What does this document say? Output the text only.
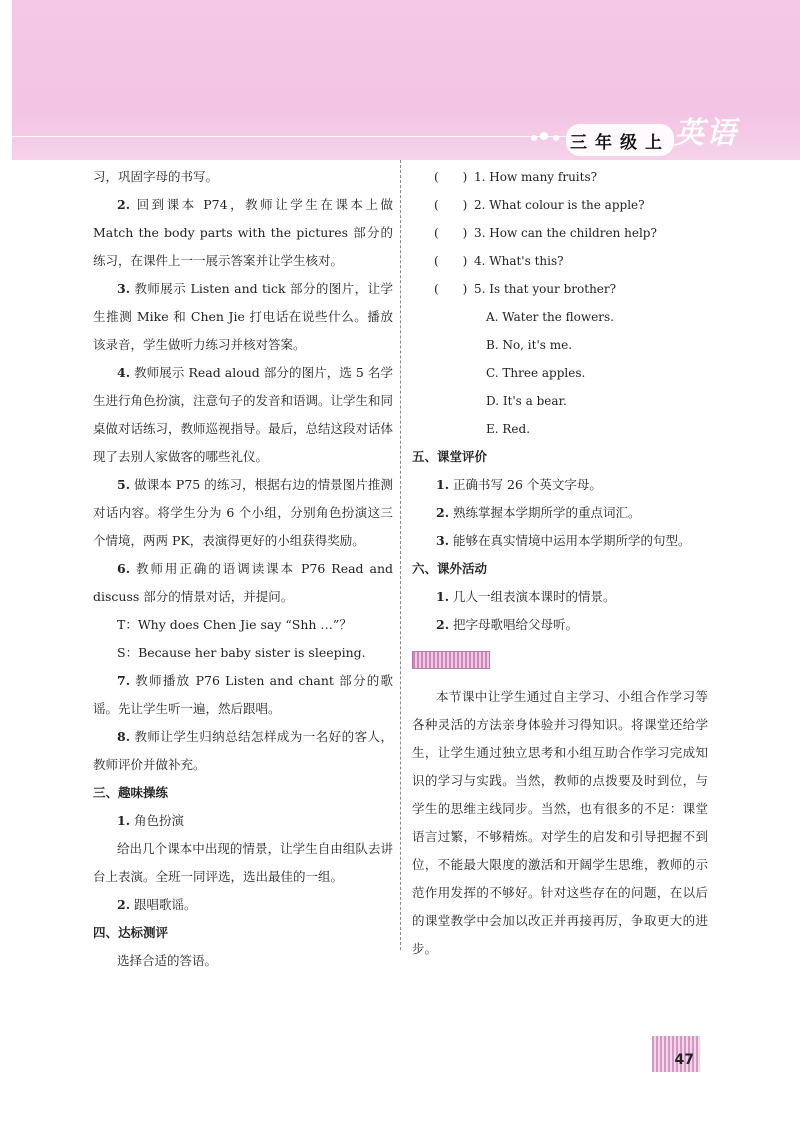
三年级上 英语

习，巩固字母的书写。

2. 回到课本 P74，教师让学生在课本上做 Match the body parts with the pictures 部分的练习，在课件上一一展示答案并让学生核对。

3. 教师展示 Listen and tick 部分的图片，让学生推测 Mike 和 Chen Jie 打电话在说些什么。播放该录音，学生做听力练习并核对答案。

4. 教师展示 Read aloud 部分的图片，选 5 名学生进行角色扮演，注意句子的发音和语调。让学生和同桌做对话练习，教师巡视指导。最后，总结这段对话体现了去别人家做客的哪些礼仪。

5. 做课本 P75 的练习，根据右边的情景图片推测对话内容。将学生分为 6 个小组，分别角色扮演这三个情境，两两 PK，表演得更好的小组获得奖励。

6. 教师用正确的语调读课本 P76 Read and discuss 部分的情景对话，并提问。

T：Why does Chen Jie say “Shh …”？

S：Because her baby sister is sleeping.

7. 教师播放 P76 Listen and chant 部分的歌谣。先让学生听一遍，然后跟唱。

8. 教师让学生归纳总结怎样成为一名好的客人，教师评价并做补充。

三、趣味操练

1. 角色扮演

给出几个课本中出现的情景，让学生自由组队去讲台上表演。全班一同评选，选出最佳的一组。

2. 跟唱歌谣。

四、达标测评

选择合适的答语。

(　　) 1. How many fruits?
(　　) 2. What colour is the apple?
(　　) 3. How can the children help?
(　　) 4. What's this?
(　　) 5. Is that your brother?

A. Water the flowers.

B. No, it's me.

C. Three apples.

D. It's a bear.

E. Red.

五、课堂评价

1. 正确书写 26 个英文字母。

2. 熟练掌握本学期所学的重点词汇。

3. 能够在真实情境中运用本学期所学的句型。

六、课外活动

1. 几人一组表演本课时的情景。

2. 把字母歌唱给父母听。

本节课中让学生通过自主学习、小组合作学习等各种灵活的方法亲身体验并习得知识。将课堂还给学生，让学生通过独立思考和小组互助合作学习完成知识的学习与实践。当然，教师的点拨要及时到位，与学生的思维主线同步。当然，也有很多的不足：课堂语言过繁，不够精炼。对学生的启发和引导把握不到位，不能最大限度的激活和开阔学生思维，教师的示范作用发挥的不够好。针对这些存在的问题，在以后的课堂教学中会加以改正并再接再厉，争取更大的进步。

47
